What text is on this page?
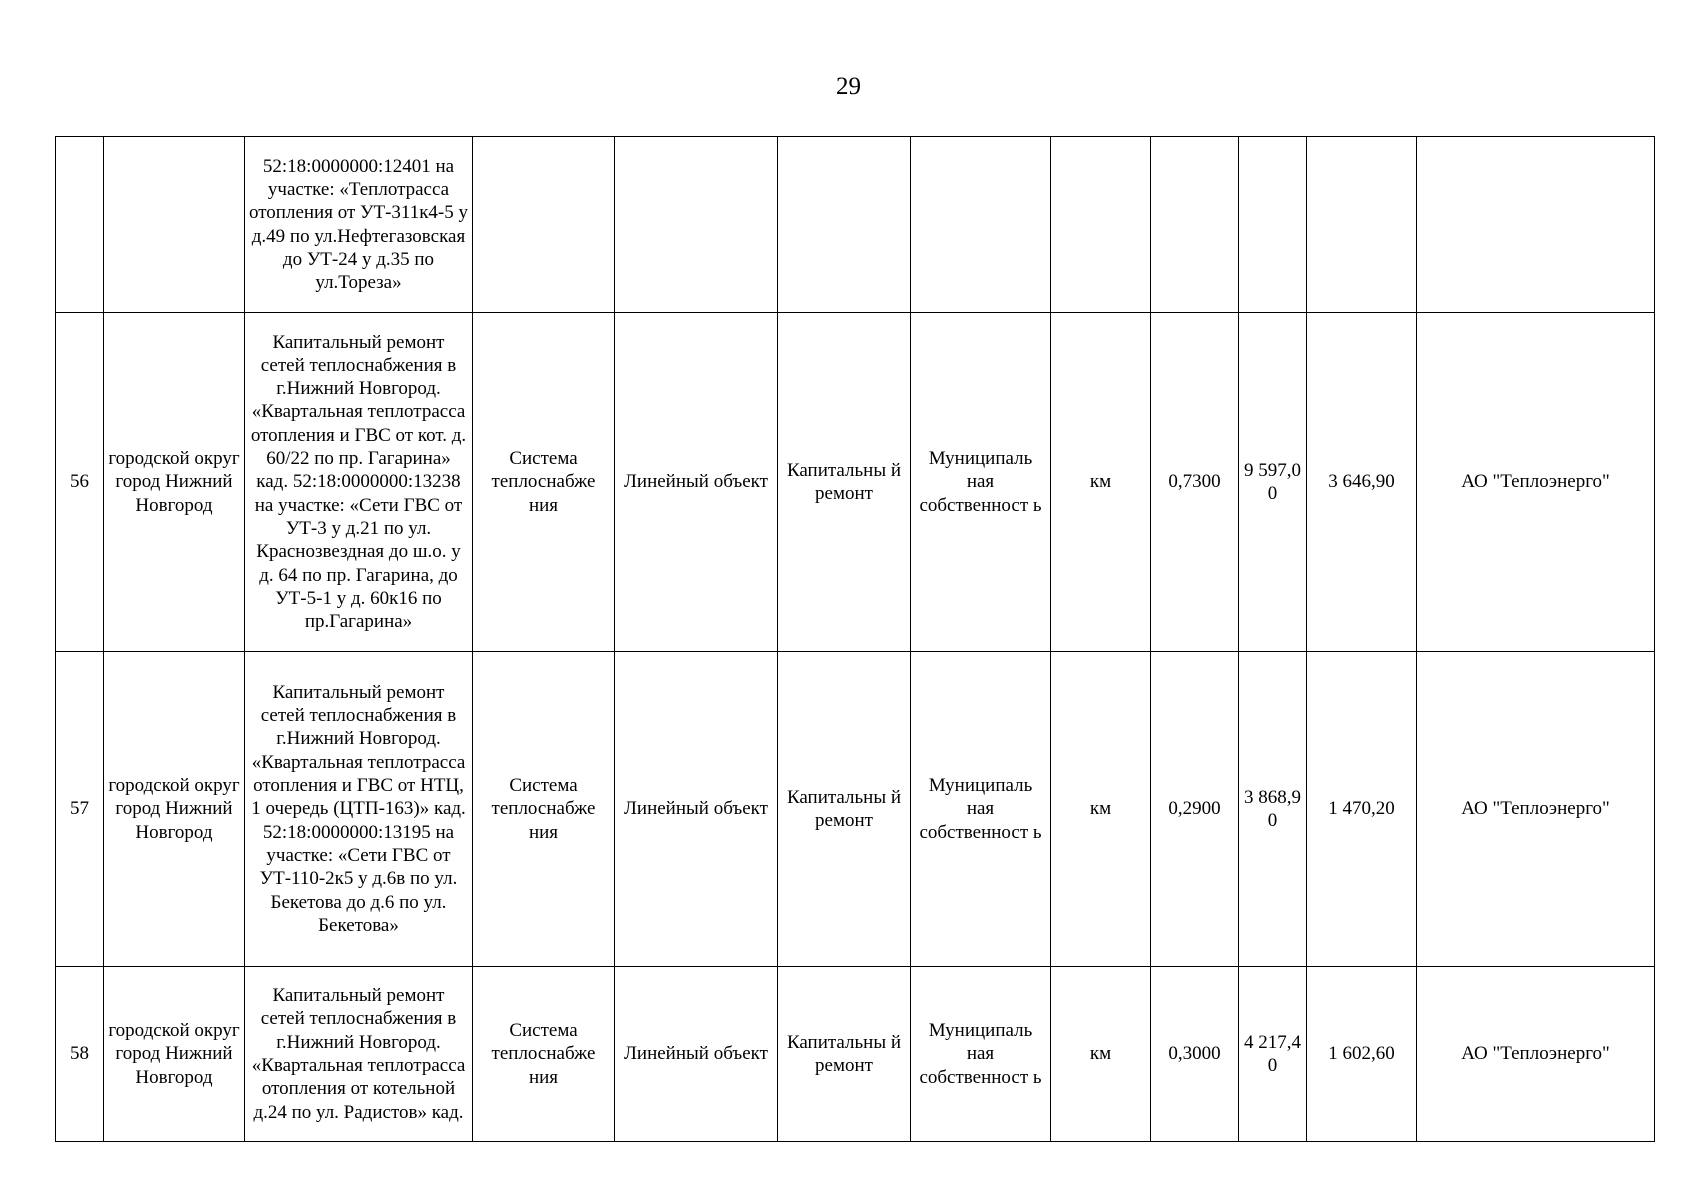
29
		52:18:0000000:12401 на участке: «Теплотрасса отопления от УТ-311к4-5 у д.49 по ул.Нефтегазовская до УТ-24 у д.35 по ул.Тореза»									
56	городской округ город Нижний Новгород	Капитальный ремонт сетей теплоснабжения в г.Нижний Новгород. «Квартальная теплотрасса отопления и ГВС от кот. д. 60/22 по пр. Гагарина» кад. 52:18:0000000:13238 на участке: «Сети ГВС от УТ-3 у д.21 по ул. Краснозвездная до ш.о. у д. 64 по пр. Гагарина, до УТ-5-1 у д. 60к16 по пр.Гагарина»	Система теплоснабже ния	Линейный объект	Капитальны й ремонт	Муниципаль ная собственност ь	км	0,7300	9 597,0 0	3 646,90	АО "Теплоэнерго"
57	городской округ город Нижний Новгород	Капитальный ремонт сетей теплоснабжения в г.Нижний Новгород. «Квартальная теплотрасса отопления и ГВС от НТЦ, 1 очередь (ЦТП-163)» кад. 52:18:0000000:13195 на участке: «Сети ГВС от УТ-110-2к5 у д.6в по ул. Бекетова до д.6 по ул. Бекетова»	Система теплоснабже ния	Линейный объект	Капитальны й ремонт	Муниципаль ная собственност ь	км	0,2900	3 868,9 0	1 470,20	АО "Теплоэнерго"
58	городской округ город Нижний Новгород	Капитальный ремонт сетей теплоснабжения в г.Нижний Новгород. «Квартальная теплотрасса отопления от котельной д.24 по ул. Радистов» кад.	Система теплоснабже ния	Линейный объект	Капитальны й ремонт	Муниципаль ная собственност ь	км	0,3000	4 217,4 0	1 602,60	АО "Теплоэнерго"
